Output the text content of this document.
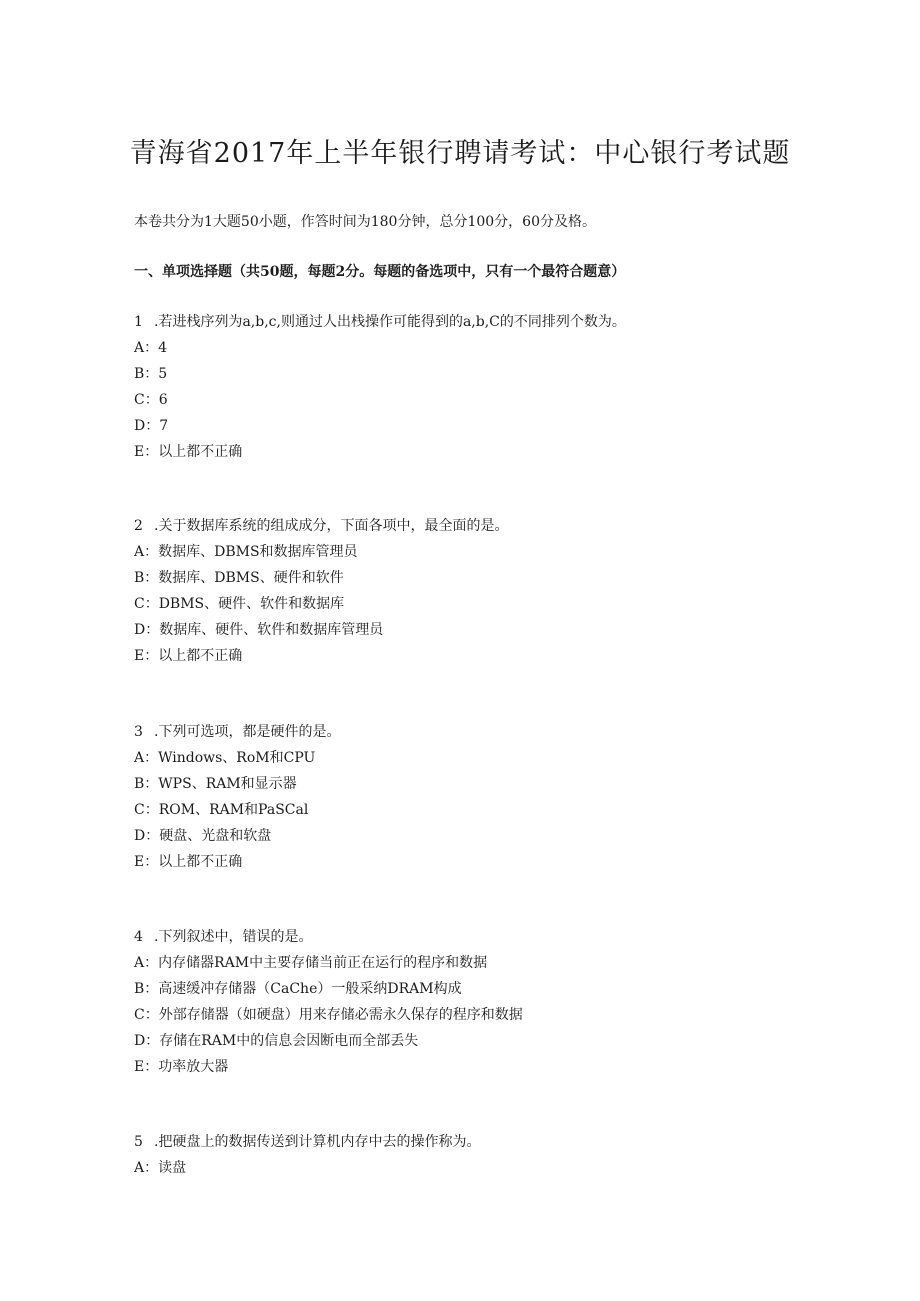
青海省2017年上半年银行聘请考试：中心银行考试题
本卷共分为1大题50小题，作答时间为180分钟，总分100分，60分及格。
一、单项选择题（共50题，每题2分。每题的备选项中，只有一个最符合题意）
1 .若进栈序列为a,b,c,则通过人出栈操作可能得到的a,b,C的不同排列个数为。
A：4
B：5
C：6
D：7
E：以上都不正确
2 .关于数据库系统的组成成分，下面各项中，最全面的是。
A：数据库、DBMS和数据库管理员
B：数据库、DBMS、硬件和软件
C：DBMS、硬件、软件和数据库
D：数据库、硬件、软件和数据库管理员
E：以上都不正确
3 .下列可选项，都是硬件的是。
A：Windows、RoM和CPU
B：WPS、RAM和显示器
C：ROM、RAM和PaSCal
D：硬盘、光盘和软盘
E：以上都不正确
4 .下列叙述中，错误的是。
A：内存储器RAM中主要存储当前正在运行的程序和数据
B：高速缓冲存储器（CaChe）一般采纳DRAM构成
C：外部存储器（如硬盘）用来存储必需永久保存的程序和数据
D：存储在RAM中的信息会因断电而全部丢失
E：功率放大器
5 .把硬盘上的数据传送到计算机内存中去的操作称为。
A：读盘
